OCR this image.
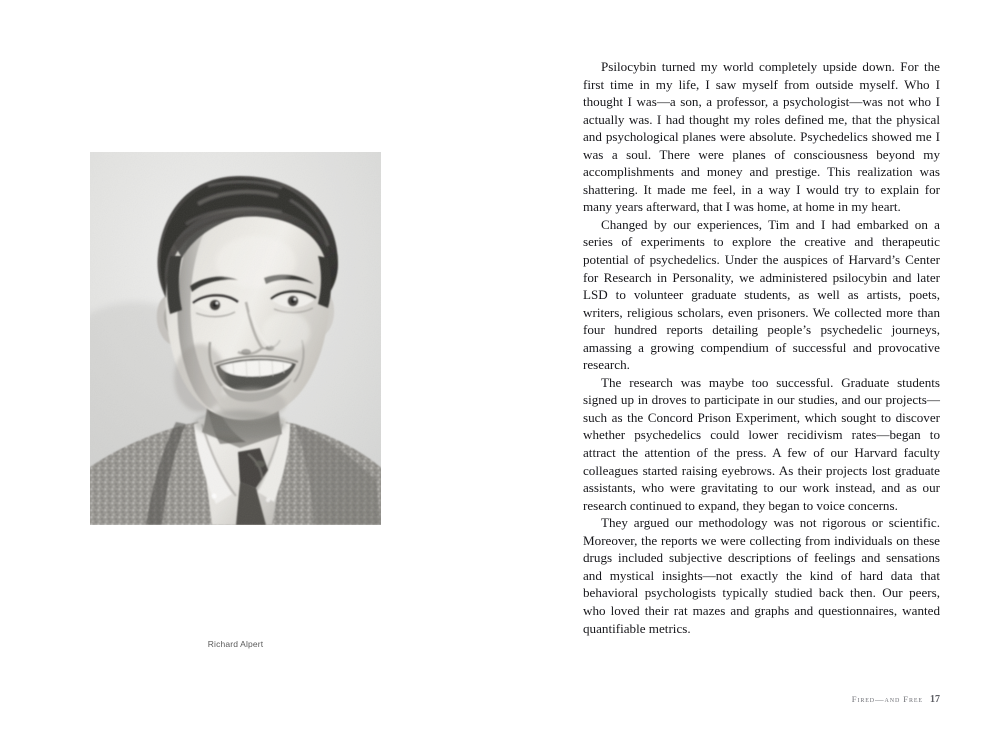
Richard Alpert

Psilocybin turned my world completely upside down. For the first time in my life, I saw myself from outside myself. Who I thought I was—a son, a professor, a psychologist—was not who I actually was. I had thought my roles defined me, that the physical and psychological planes were absolute. Psychedelics showed me I was a soul. There were planes of consciousness beyond my accomplishments and money and prestige. This realization was shattering. It made me feel, in a way I would try to explain for many years afterward, that I was home, at home in my heart.

Changed by our experiences, Tim and I had embarked on a series of experiments to explore the creative and therapeutic potential of psychedelics. Under the auspices of Harvard’s Center for Research in Personality, we administered psilocybin and later LSD to volunteer graduate students, as well as artists, poets, writers, religious scholars, even prisoners. We collected more than four hundred reports detailing people’s psychedelic journeys, amassing a growing compendium of successful and provocative research.

The research was maybe too successful. Graduate students signed up in droves to participate in our studies, and our projects—such as the Concord Prison Experiment, which sought to discover whether psychedelics could lower recidivism rates—began to attract the attention of the press. A few of our Harvard faculty colleagues started raising eyebrows. As their projects lost graduate assistants, who were gravitating to our work instead, and as our research continued to expand, they began to voice concerns.

They argued our methodology was not rigorous or scientific. Moreover, the reports we were collecting from individuals on these drugs included subjective descriptions of feelings and sensations and mystical insights—not exactly the kind of hard data that behavioral psychologists typically studied back then. Our peers, who loved their rat mazes and graphs and questionnaires, wanted quantifiable metrics.

Fired—and Free 17
